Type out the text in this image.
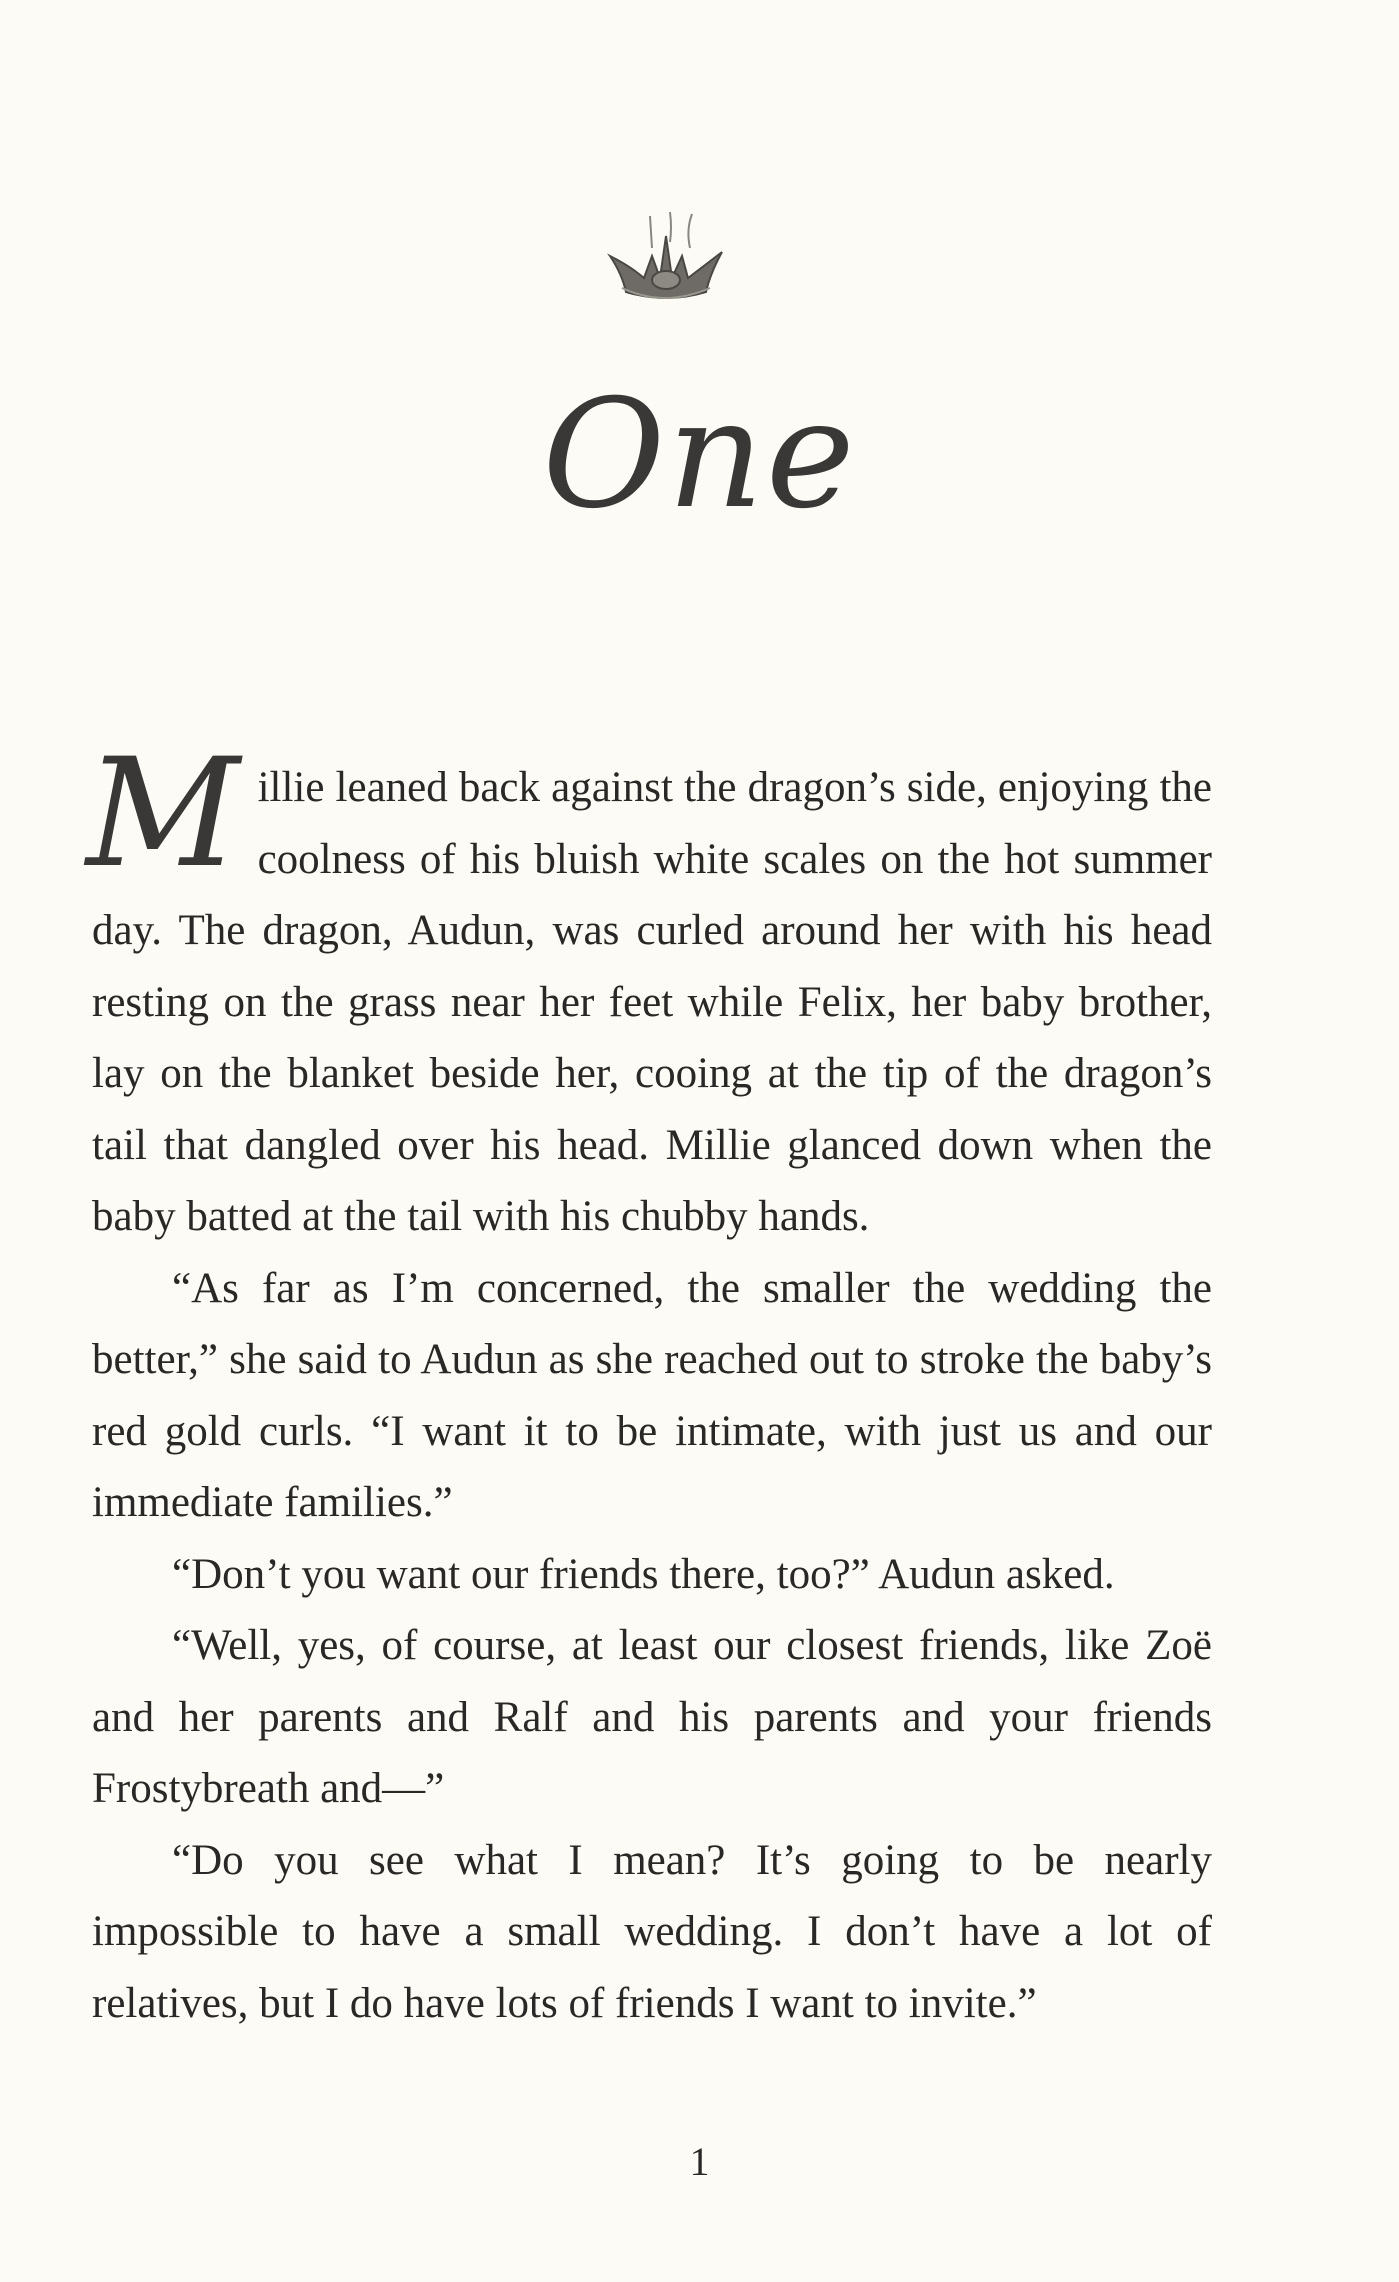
One

Millie leaned back against the dragon’s side, enjoying the coolness of his bluish white scales on the hot summer day. The dragon, Audun, was curled around her with his head resting on the grass near her feet while Felix, her baby brother, lay on the blanket beside her, cooing at the tip of the dragon’s tail that dangled over his head. Millie glanced down when the baby batted at the tail with his chubby hands.

“As far as I’m concerned, the smaller the wedding the better,” she said to Audun as she reached out to stroke the baby’s red gold curls. “I want it to be intimate, with just us and our immediate families.”

“Don’t you want our friends there, too?” Audun asked.

“Well, yes, of course, at least our closest friends, like Zoë and her parents and Ralf and his parents and your friends Frostybreath and—”

“Do you see what I mean? It’s going to be nearly impossible to have a small wedding. I don’t have a lot of relatives, but I do have lots of friends I want to invite.”

1
